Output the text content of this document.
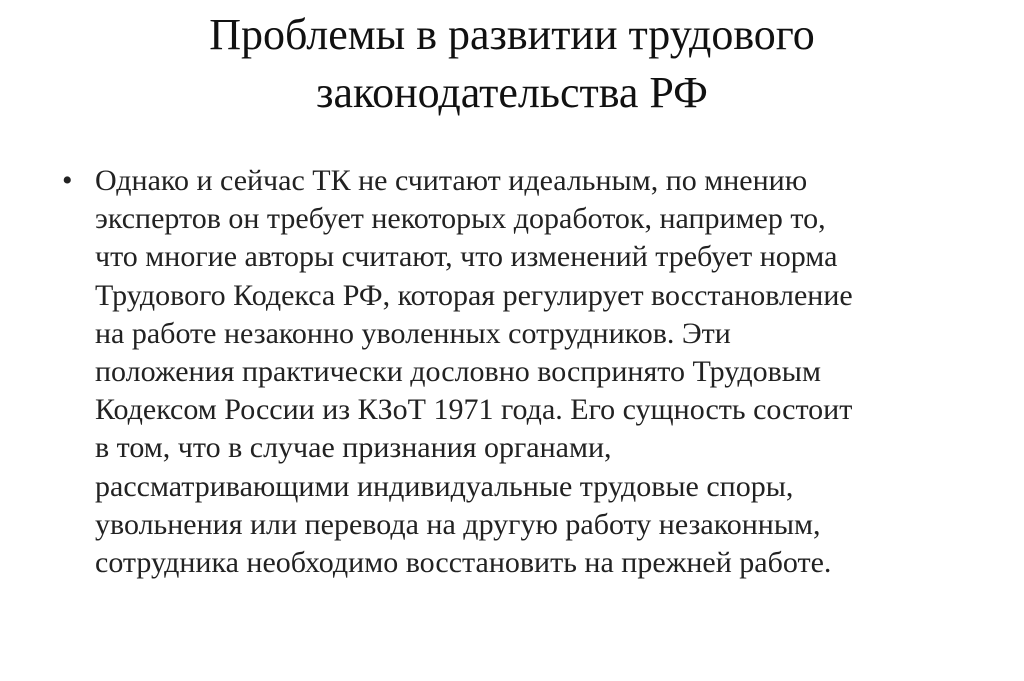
Проблемы в развитии трудового
законодательства РФ
• Однако и сейчас ТК не считают идеальным, по мнению
экспертов он требует некоторых доработок, например то,
что многие авторы считают, что изменений требует норма
Трудового Кодекса РФ, которая регулирует восстановление
на работе незаконно уволенных сотрудников. Эти
положения практически дословно воспринято Трудовым
Кодексом России из КЗоТ 1971 года. Его сущность состоит
в том, что в случае признания органами,
рассматривающими индивидуальные трудовые споры,
увольнения или перевода на другую работу незаконным,
сотрудника необходимо восстановить на прежней работе.
